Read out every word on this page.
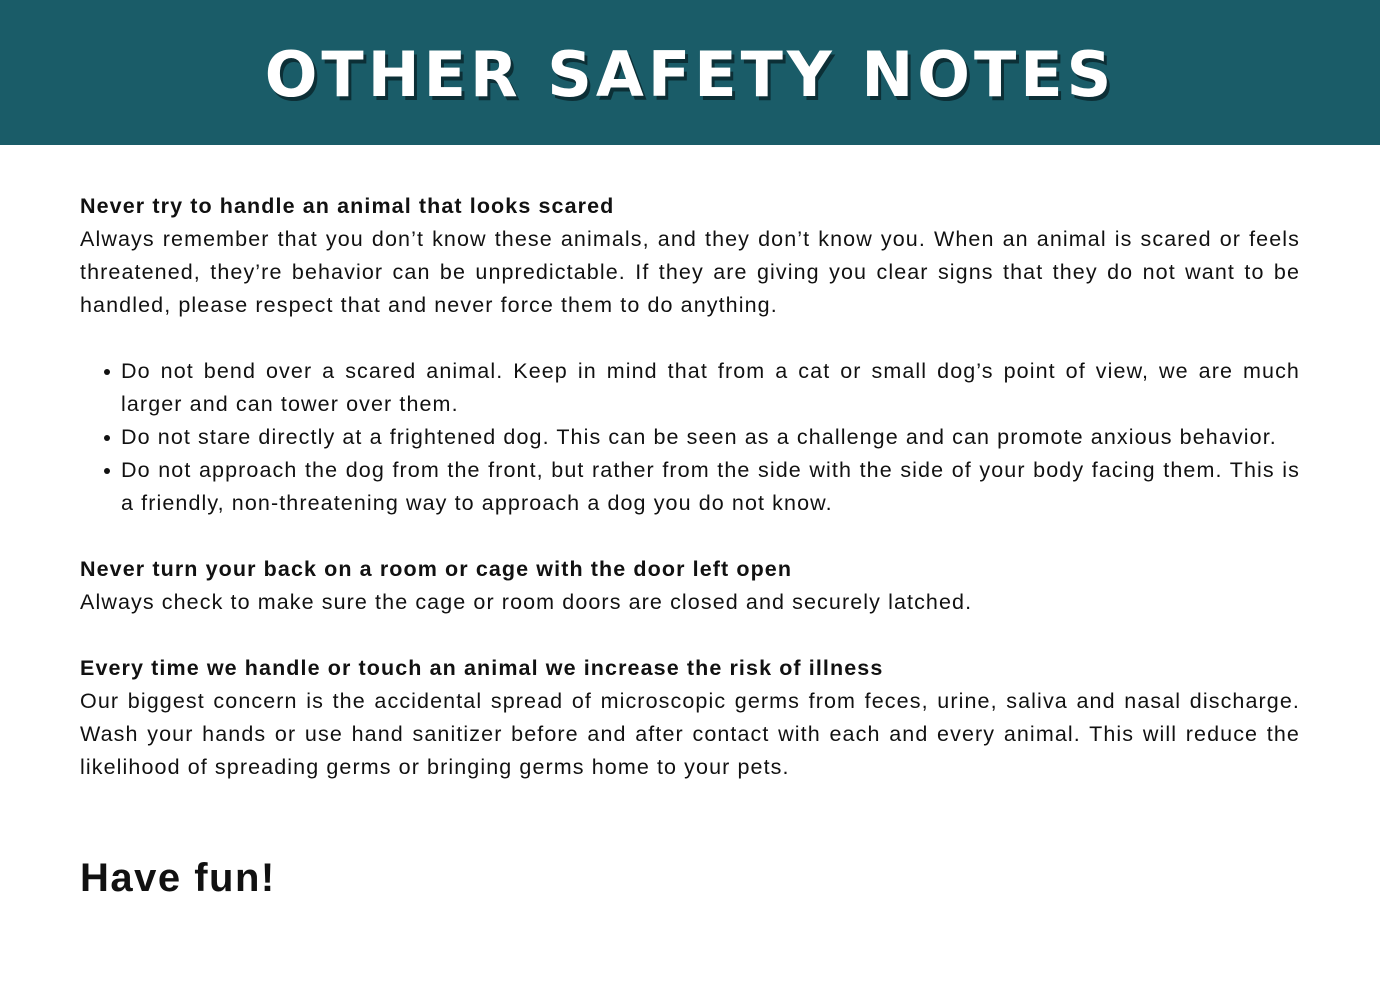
OTHER SAFETY NOTES

Never try to handle an animal that looks scared

Always remember that you don’t know these animals, and they don’t know you. When an animal is scared or feels threatened, they’re behavior can be unpredictable. If they are giving you clear signs that they do not want to be handled, please respect that and never force them to do anything.

Do not bend over a scared animal. Keep in mind that from a cat or small dog’s point of view, we are much larger and can tower over them.
Do not stare directly at a frightened dog. This can be seen as a challenge and can promote anxious behavior.
Do not approach the dog from the front, but rather from the side with the side of your body facing them. This is a friendly, non-threatening way to approach a dog you do not know.

Never turn your back on a room or cage with the door left open

Always check to make sure the cage or room doors are closed and securely latched.

Every time we handle or touch an animal we increase the risk of illness

Our biggest concern is the accidental spread of microscopic germs from feces, urine, saliva and nasal discharge. Wash your hands or use hand sanitizer before and after contact with each and every animal. This will reduce the likelihood of spreading germs or bringing germs home to your pets.

Have fun!
